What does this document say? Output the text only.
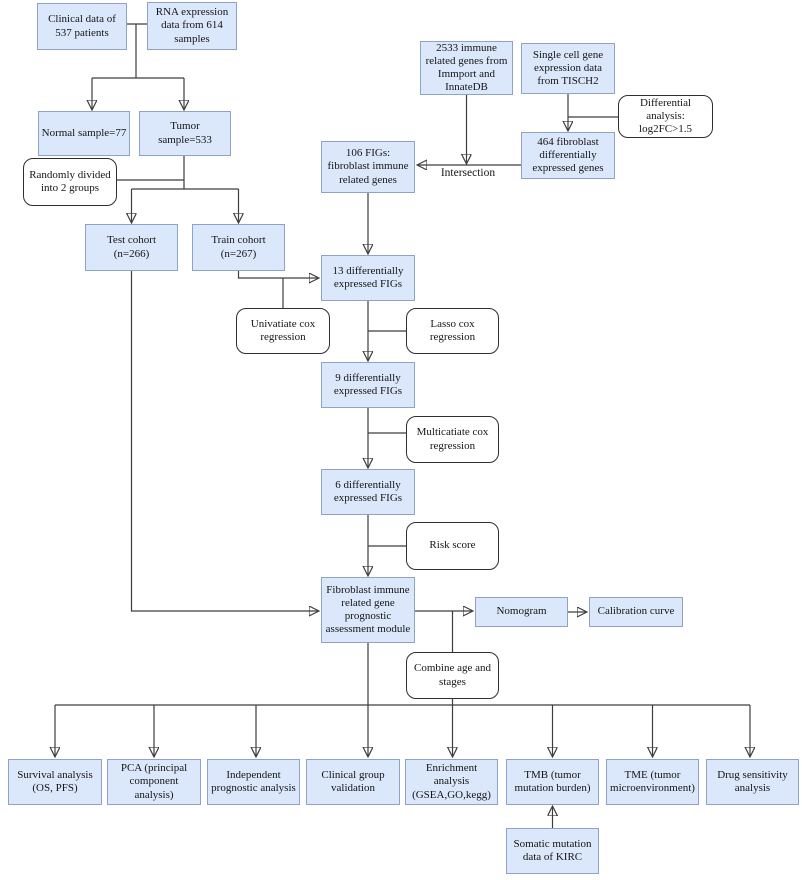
Clinical data of 537 patients
RNA expression data from 614 samples
Normal sample=77
Tumor sample=533
Test cohort (n=266)
Train cohort (n=267)
2533 immune related genes from Immport and InnateDB
Single cell gene expression data from TISCH2
464 fibroblast differentially expressed genes
106 FIGs: fibroblast immune related genes
13 differentially expressed FIGs
9 differentially expressed FIGs
6 differentially expressed FIGs
Fibroblast immune related gene prognostic assessment module
Nomogram	Calibration curve
Survival analysis (OS, PFS)
PCA (principal component analysis)
Independent prognostic analysis
Clinical group validation
Enrichment analysis (GSEA,GO,kegg)
TMB (tumor mutation burden)
TME (tumor microenvironment)
Drug sensitivity analysis
Somatic mutation data of KIRC
Randomly divided into 2 groups
Differential analysis: log2FC>1.5
Univatiate cox regression
Lasso cox regression
Multicatiate cox regression
Risk score
Combine age and stages
Intersection
